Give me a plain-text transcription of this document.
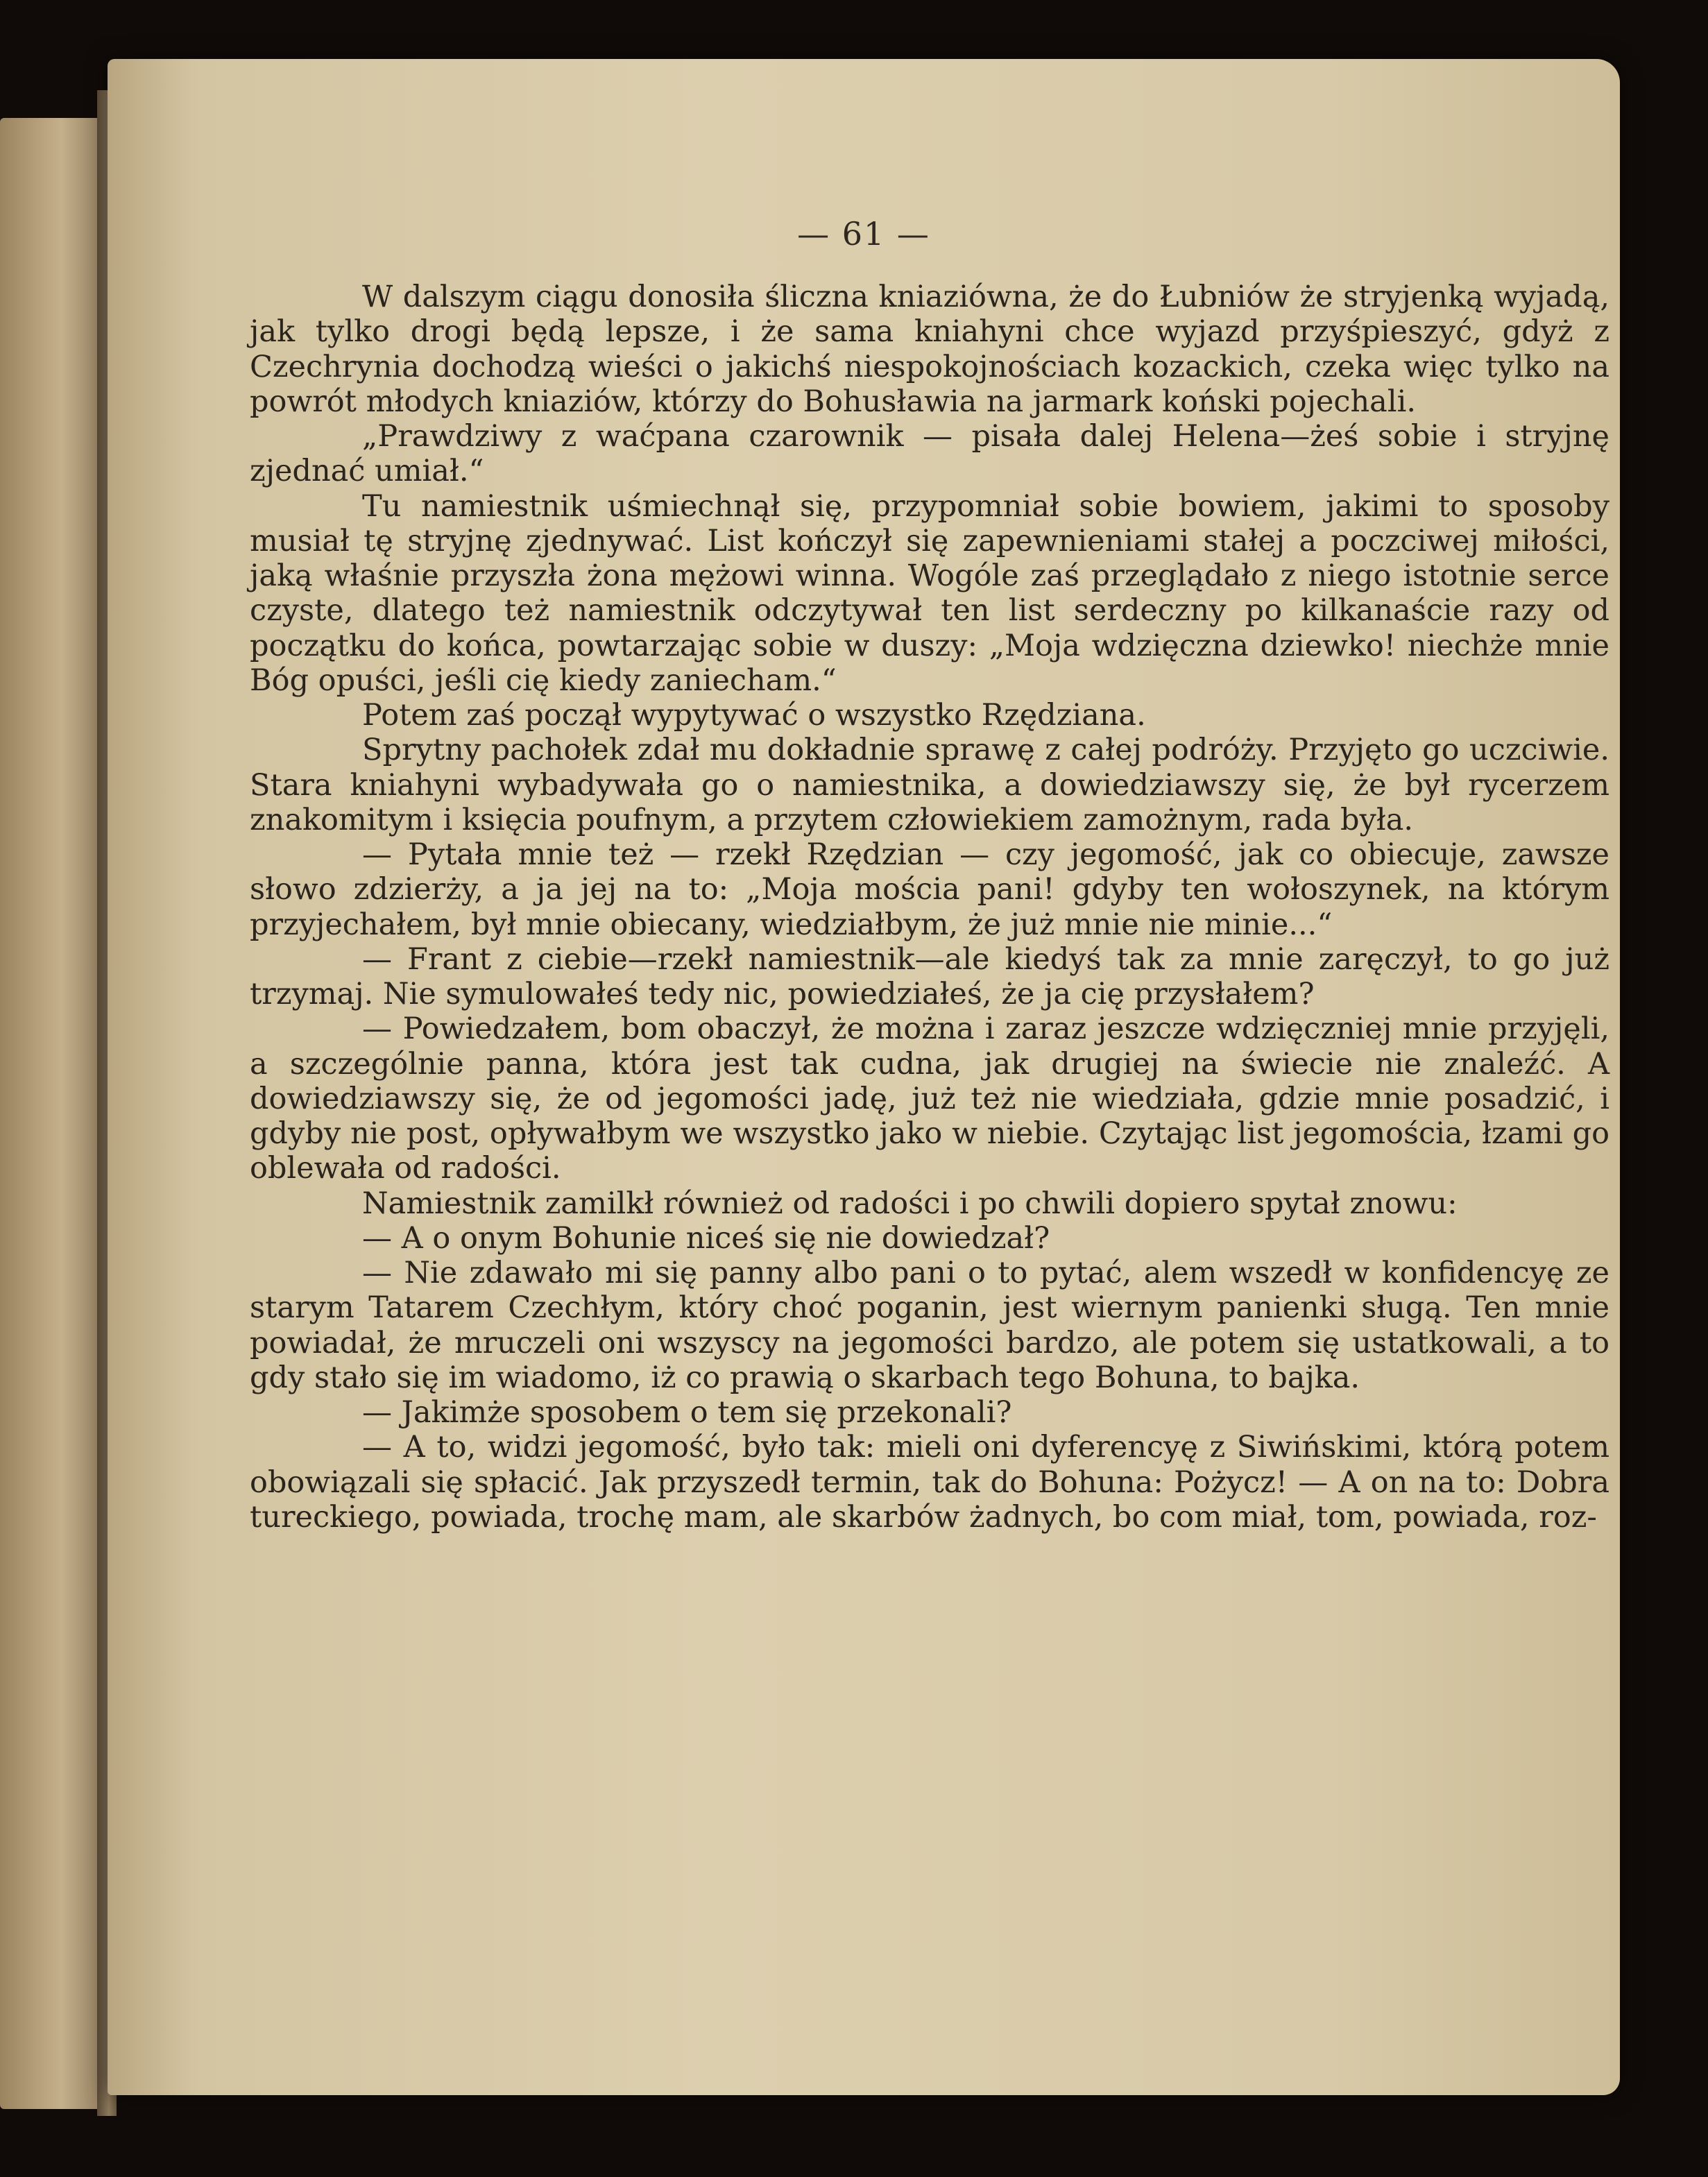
— 61 —

W dalszym ciągu donosiła śliczna kniaziówna, że do Łubniów że stryjenką wyjadą, jak tylko drogi będą lepsze, i że sama kniahyni chce wyjazd przyśpieszyć, gdyż z Czechrynia dochodzą wieści o jakichś niespokojnościach kozackich, czeka więc tylko na powrót młodych kniaziów, którzy do Bohusławia na jarmark koński pojechali.

„Prawdziwy z waćpana czarownik — pisała dalej Helena—żeś sobie i stryjnę zjednać umiał.“

Tu namiestnik uśmiechnął się, przypomniał sobie bowiem, jakimi to sposoby musiał tę stryjnę zjednywać. List kończył się zapewnieniami stałej a poczciwej miłości, jaką właśnie przyszła żona mężowi winna. Wogóle zaś przeglądało z niego istotnie serce czyste, dlatego też namiestnik odczytywał ten list serdeczny po kilkanaście razy od początku do końca, powtarzając sobie w duszy: „Moja wdzięczna dziewko! niechże mnie Bóg opuści, jeśli cię kiedy zaniecham.“

Potem zaś począł wypytywać o wszystko Rzędziana.

Sprytny pachołek zdał mu dokładnie sprawę z całej podróży. Przyjęto go uczciwie. Stara kniahyni wybadywała go o namiestnika, a dowiedziawszy się, że był rycerzem znakomitym i księcia poufnym, a przytem człowiekiem zamożnym, rada była.

— Pytała mnie też — rzekł Rzędzian — czy jegomość, jak co obiecuje, zawsze słowo zdzierży, a ja jej na to: „Moja mościa pani! gdyby ten wołoszynek, na którym przyjechałem, był mnie obiecany, wiedziałbym, że już mnie nie minie...“

— Frant z ciebie—rzekł namiestnik—ale kiedyś tak za mnie zaręczył, to go już trzymaj. Nie symulowałeś tedy nic, powiedziałeś, że ja cię przysłałem?

— Powiedzałem, bom obaczył, że można i zaraz jeszcze wdzięczniej mnie przyjęli, a szczególnie panna, która jest tak cudna, jak drugiej na świecie nie znaleźć. A dowiedziawszy się, że od jegomości jadę, już też nie wiedziała, gdzie mnie posadzić, i gdyby nie post, opływałbym we wszystko jako w niebie. Czytając list jegomościa, łzami go oblewała od radości.

Namiestnik zamilkł również od radości i po chwili dopiero spytał znowu:

— A o onym Bohunie niceś się nie dowiedzał?

— Nie zdawało mi się panny albo pani o to pytać, alem wszedł w konfidencyę ze starym Tatarem Czechłym, który choć poganin, jest wiernym panienki sługą. Ten mnie powiadał, że mruczeli oni wszyscy na jegomości bardzo, ale potem się ustatkowali, a to gdy stało się im wiadomo, iż co prawią o skarbach tego Bohuna, to bajka.

— Jakimże sposobem o tem się przekonali?

— A to, widzi jegomość, było tak: mieli oni dyferencyę z Siwińskimi, którą potem obowiązali się spłacić. Jak przyszedł termin, tak do Bohuna: Pożycz! — A on na to: Dobra tureckiego, powiada, trochę mam, ale skarbów żadnych, bo com miał, tom, powiada, roz-
